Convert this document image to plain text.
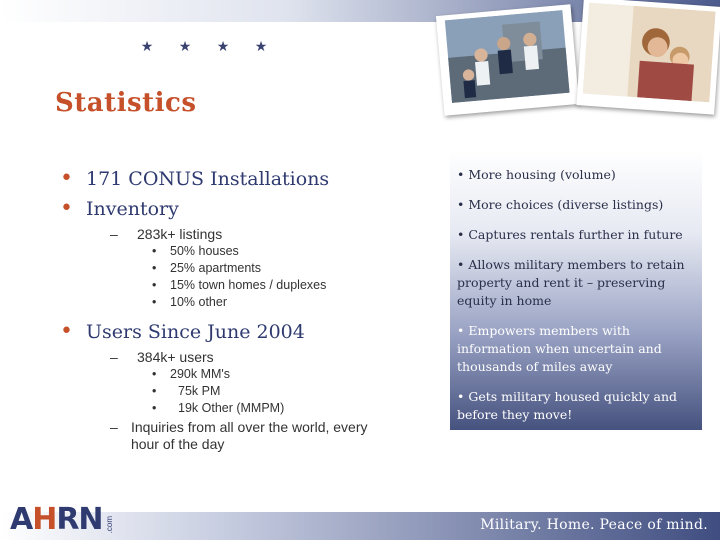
★ ★ ★ ★
Statistics
• 171 CONUS Installations
• Inventory
–	283k+ listings
•	50% houses
•	25% apartments
•	15% town homes / duplexes
•	10% other
• Users Since June 2004
–	384k+ users
•	290k MM's
•	75k PM
•	19k Other (MMPM)
– Inquiries from all over the world, every hour of the day
• More housing (volume)
• More choices (diverse listings)
• Captures rentals further in future
• Allows military members to retain property and rent it – preserving equity in home
• Empowers members with information when uncertain and thousands of miles away
• Gets military housed quickly and before they move!
Military. Home. Peace of mind.
AHRN .com
